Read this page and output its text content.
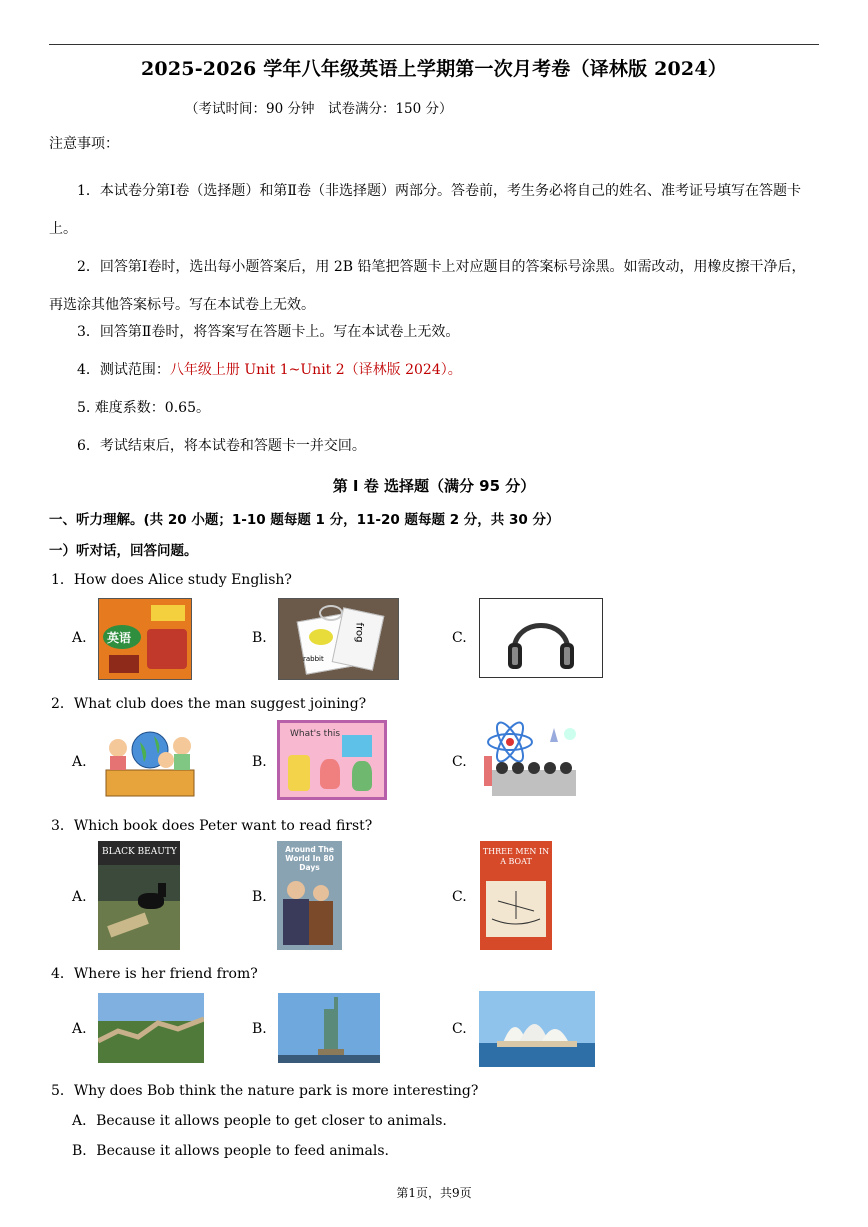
2025-2026 学年八年级英语上学期第一次月考卷（译林版 2024）
（考试时间：90 分钟　试卷满分：150 分）
注意事项：
1．本试卷分第Ⅰ卷（选择题）和第Ⅱ卷（非选择题）两部分。答卷前，考生务必将自己的姓名、准考证号填写在答题卡上。
2．回答第Ⅰ卷时，选出每小题答案后，用 2B 铅笔把答题卡上对应题目的答案标号涂黑。如需改动，用橡皮擦干净后，再选涂其他答案标号。写在本试卷上无效。
3．回答第Ⅱ卷时，将答案写在答题卡上。写在本试卷上无效。
4．测试范围：八年级上册 Unit 1~Unit 2（译林版 2024）。
5. 难度系数：0.65。
6．考试结束后，将本试卷和答题卡一并交回。
第 I 卷 选择题（满分 95 分）
一、听力理解。(共 20 小题；1-10 题每题 1 分，11-20 题每题 2 分，共 30 分）
一）听对话，回答问题。
1．How does Alice study English?
A. 英语	B.
rabbit
frog	C.
2．What club does the man suggest joining?
A.	B.
What's this
C.
3．Which book does Peter want to read first?
A.
BLACK BEAUTY
B.
Around The World In 80 Days
C.
THREE MEN IN A BOAT
4．Where is her friend from?
A.	B.	C.
5．Why does Bob think the nature park is more interesting?
A．Because it allows people to get closer to animals.
B．Because it allows people to feed animals.
第1页，共9页
